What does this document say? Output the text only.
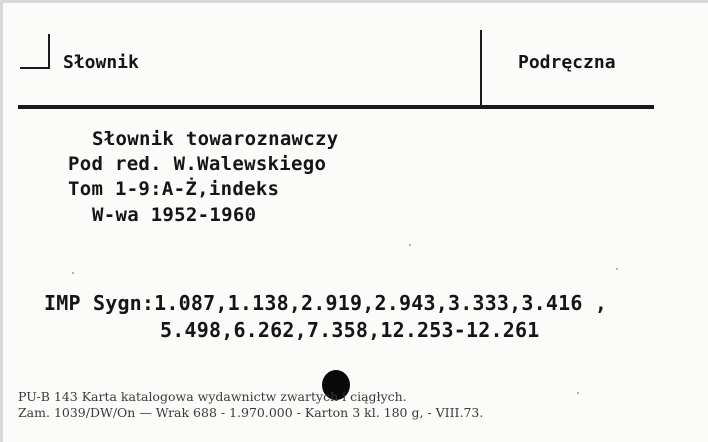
Słownik	Podręczna
Słownik towaroznawczy
Pod red. W.Walewskiego
Tom 1-9:A-Ż,indeks
W-wa 1952-1960
IMP Sygn:1.087,1.138,2.919,2.943,3.333,3.416 ,
5.498,6.262,7.358,12.253-12.261
PU-B 143 Karta katalogowa wydawnictw zwartych i ciągłych.
Zam. 1039/DW/On — Wrak 688 - 1.970.000 - Karton 3 kl. 180 g, - VIII.73.
